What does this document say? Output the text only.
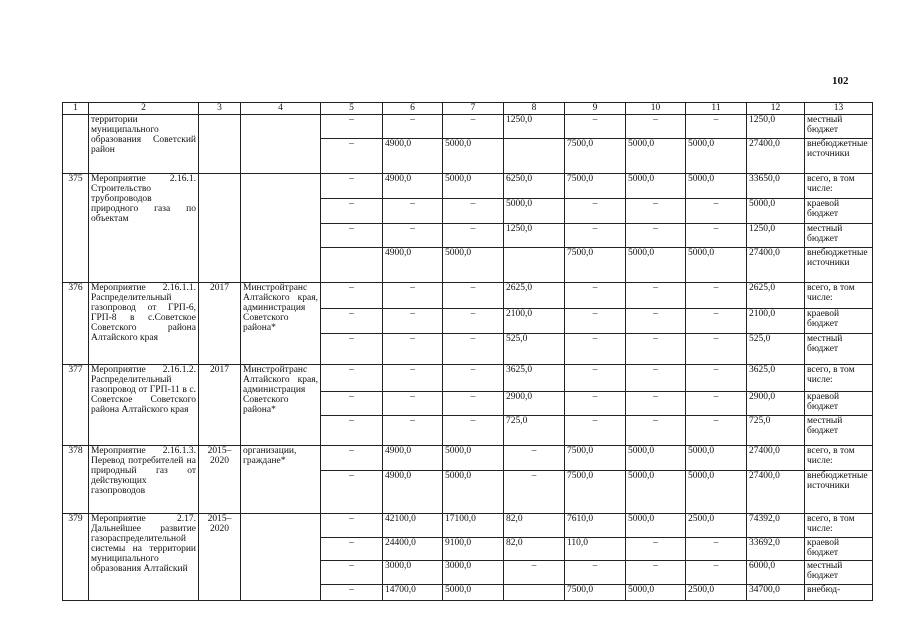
102
1	2	3	4	5	6	7	8	9	10	11	12	13
	территории муниципального образования Советский район			–	–	–	1250,0	–	–	–	1250,0	местный бюджет
				–	4900,0	5000,0		7500,0	5000,0	5000,0	27400,0	внебюджетные источники
375	Мероприятие 2.16.1. Строительство трубопроводов природного газа по объектам			–	4900,0	5000,0	6250,0	7500,0	5000,0	5000,0	33650,0	всего, в том числе:
				–	–	–	5000,0	–	–	–	5000,0	краевой бюджет
				–	–	–	1250,0	–	–	–	1250,0	местный бюджет
					4900,0	5000,0		7500,0	5000,0	5000,0	27400,0	внебюджетные источники
376	Мероприятие 2.16.1.1. Распределительный газопровод от ГРП-6, ГРП-8 в с.Советское Советского района Алтайского края	2017	Минстройтранс Алтайского края, администрация Советского района*	–	–	–	2625,0	–	–	–	2625,0	всего, в том числе:
				–	–	–	2100,0	–	–	–	2100,0	краевой бюджет
				–	–	–	525,0	–	–	–	525,0	местный бюджет
377	Мероприятие 2.16.1.2. Распределительный газопровод от ГРП-11 в с. Советское Советского района Алтайского края	2017	Минстройтранс Алтайского края, администрация Советского района*	–	–	–	3625,0	–	–	–	3625,0	всего, в том числе:
				–	–	–	2900,0	–	–	–	2900,0	краевой бюджет
				–	–	–	725,0	–	–	–	725,0	местный бюджет
378	Мероприятие 2.16.1.3. Перевод потребителей на природный газ от действующих газопроводов	2015–2020	организации, граждане*	–	4900,0	5000,0	–	7500,0	5000,0	5000,0	27400,0	всего, в том числе:
				–	4900,0	5000,0	–	7500,0	5000,0	5000,0	27400,0	внебюджетные источники
379	Мероприятие 2.17. Дальнейшее развитие газораспределительной системы на территории муниципального образования Алтайский	2015–2020		–	42100,0	17100,0	82,0	7610,0	5000,0	2500,0	74392,0	всего, в том числе:
				–	24400,0	9100,0	82,0	110,0	–	–	33692,0	краевой бюджет
				–	3000,0	3000,0	–	–	–	–	6000,0	местный бюджет
				–	14700,0	5000,0		7500,0	5000,0	2500,0	34700,0	внебюд-
